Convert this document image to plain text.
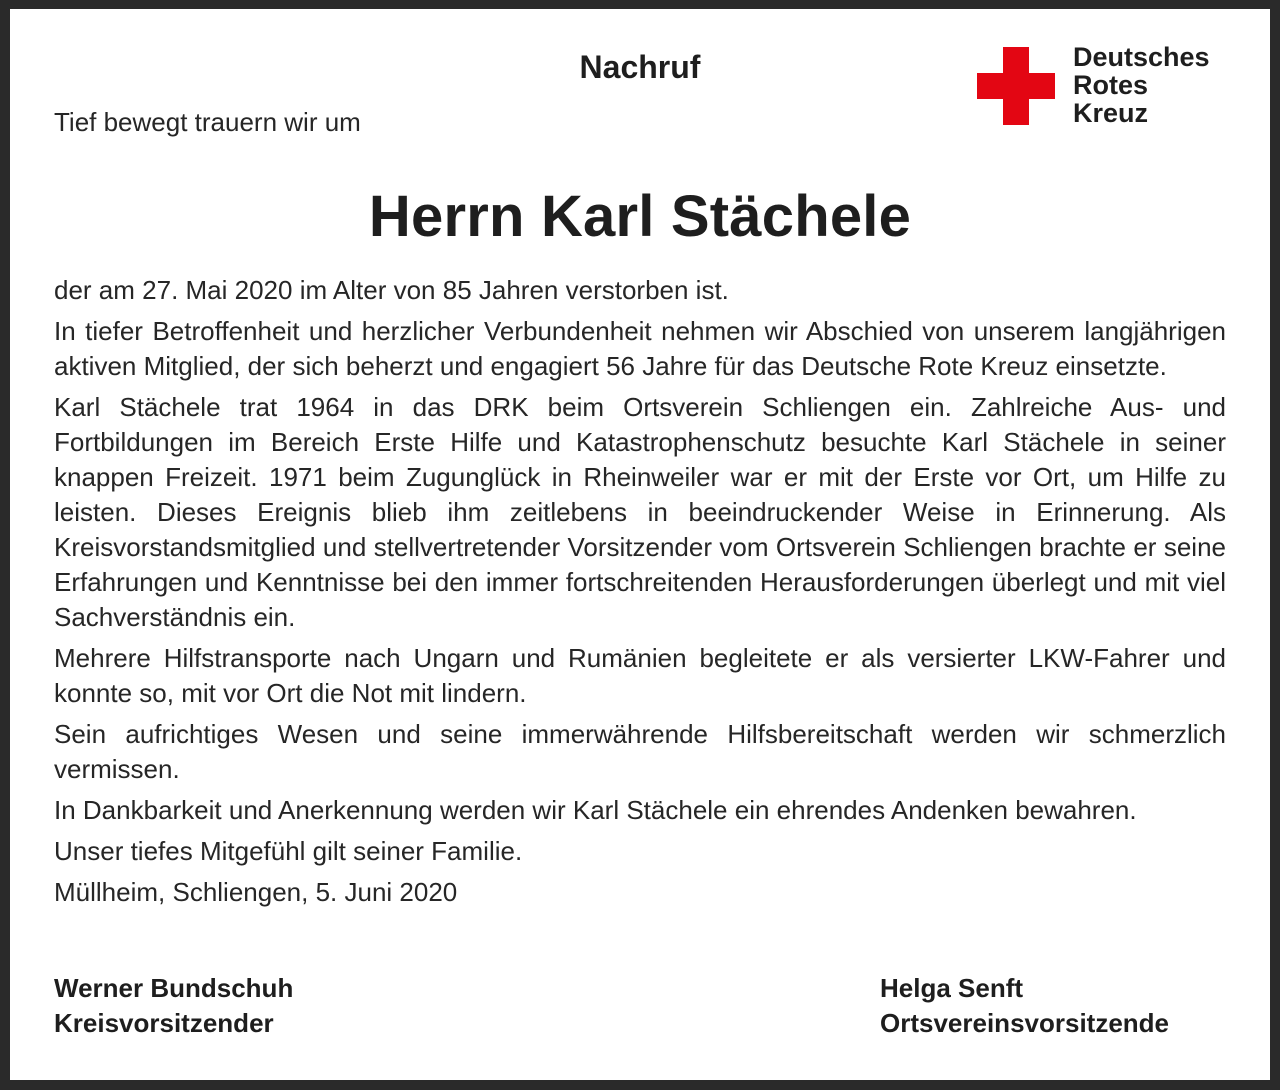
Nachruf
Tief bewegt trauern wir um
Deutsches
Rotes
Kreuz
Herrn Karl Stächele

der am 27. Mai 2020 im Alter von 85 Jahren verstorben ist.

In tiefer Betroffenheit und herzlicher Verbundenheit nehmen wir Abschied von unserem langjährigen aktiven Mitglied, der sich beherzt und engagiert 56 Jahre für das Deutsche Rote Kreuz einsetzte.

Karl Stächele trat 1964 in das DRK beim Ortsverein Schliengen ein. Zahlreiche Aus- und Fortbildungen im Bereich Erste Hilfe und Katastrophenschutz besuchte Karl Stächele in seiner knappen Freizeit. 1971 beim Zugunglück in Rheinweiler war er mit der Erste vor Ort, um Hilfe zu leisten. Dieses Ereignis blieb ihm zeitlebens in beeindruckender Weise in Erinnerung. Als Kreisvorstandsmitglied und stellvertretender Vorsitzender vom Ortsverein Schliengen brachte er seine Erfahrungen und Kenntnisse bei den immer fortschreitenden Herausforderungen überlegt und mit viel Sachverständnis ein.

Mehrere Hilfstransporte nach Ungarn und Rumänien begleitete er als versierter LKW-Fahrer und konnte so, mit vor Ort die Not mit lindern.

Sein aufrichtiges Wesen und seine immerwährende Hilfsbereitschaft werden wir schmerzlich vermissen.

In Dankbarkeit und Anerkennung werden wir Karl Stächele ein ehrendes Andenken bewahren.

Unser tiefes Mitgefühl gilt seiner Familie.

Müllheim, Schliengen, 5. Juni 2020

Werner Bundschuh
Kreisvorsitzender
Helga Senft
Ortsvereinsvorsitzende
